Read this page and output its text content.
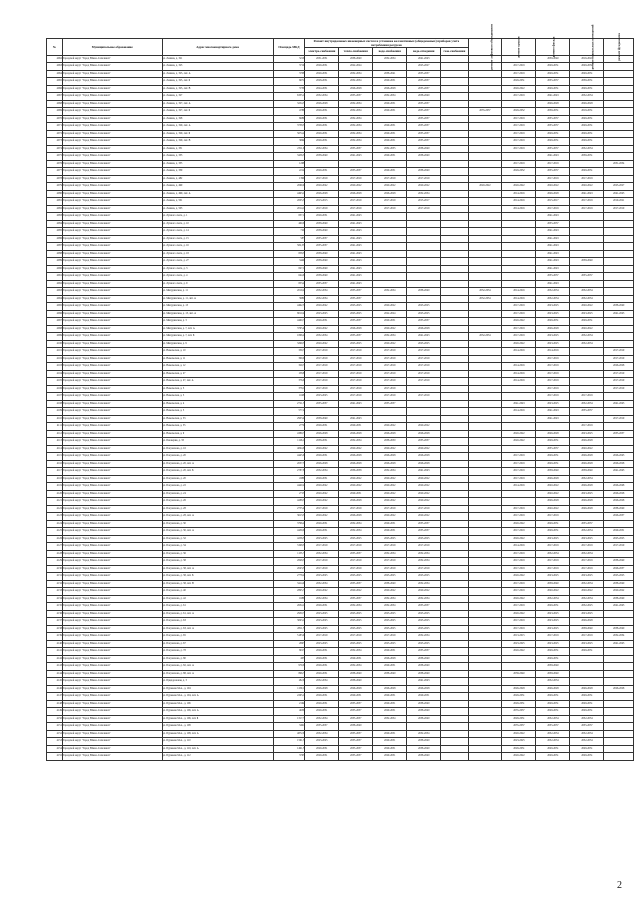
№	Муниципальное образование	Адрес многоквартирного дома	Площадь МКД	Ремонт внутридомовых инженерных систем и установка коллективных (общедомовых) приборов учета потребления ресурсов					ремонт лифтового оборудования	ремонт крыши	ремонт фасада	ремонт подвальных помещений	ремонт фундамента
				электро-снабжения	тепло-снабжения	водо-снабжения	водо-отведения	газо-снабжения					
4062	Городской округ "Город Южно-Сахалинск"	ул. Ленина, д. 321	3216	2031-2031	2038-2040	2032-2034	2041-2043				2039-2040	2016-2021	
4063	Городской округ "Город Южно-Сахалинск"	ул. Ленина, д. 323	3719	2029-2031	2022-2024		2025-2027			2017-2019	2029-2031	2029-2031	
4064	Городской округ "Город Южно-Сахалинск"	ул. Ленина, д. 325, лит. А	3708	2029-2031	2032-2034	2038-2041	2035-2037			2017-2019	2029-2031	2029-2031	
4065	Городской округ "Город Южно-Сахалинск"	ул. Ленина, д. 325, лит. Б	6671	2028-2031	2032-2034	2029-2031	2035-2037			2029-2031	2035-2037	2039-2031	
4066	Городской округ "Город Южно-Сахалинск"	ул. Ленина, д. 325, лит. В	3736	2024-2031	2026-2028	2026-2028	2035-2037			2020-2022	2029-2031	2029-2031	
4067	Городской округ "Город Южно-Сахалинск"	ул. Ленина, д. 327	6335,1	2032-2034	2035-2037	2032-2034	2038-2040			2017-2019	2041-2043	2032-2034	
4068	Городской округ "Город Южно-Сахалинск"	ул. Ленина, д. 327, лит. А	3254,5	2026-2028	2032-2034	2029-2031	2035-2037				2026-2028	2026-2028	
4069	Городской округ "Город Южно-Сахалинск"	ул. Ленина, д. 327, лит. Б	4786	2029-2031	2032-2034	2029-2031	2035-2037		2035-2037	2029-2032	2039-2031	2019-2031	
4070	Городской округ "Город Южно-Сахалинск"	ул. Ленина, д. 328	6689	2029-2031	2032-2034		2035-2037			2017-2019	2035-2037	2029-2031	
4071	Городской округ "Город Южно-Сахалинск"	ул. Ленина, д. 329, лит. А	3738,5	2029-2031	2032-2034	2029-2031	2035-2037			2017-2019	2035-2037	2029-2031	
4072	Городской округ "Город Южно-Сахалинск"	ул. Ленина, д. 329, лит. Б	5674,2	2029-2031	2032-2034	2029-2031	2035-2037			2017-2019	2029-2031	2029-2031	
4073	Городской округ "Город Южно-Сахалинск"	ул. Ленина, д. 329, лит. В	3694	2029-2031	2032-2034	2029-2031	2035-2037			2017-2019	2029-2031	2029-2031	
4074	Городской округ "Город Южно-Сахалинск"	ул. Ленина, д. 331	2311,9	2032-2034	2035-2037	2032-2035	2038-2040			2017-2019	2035-2037	2032-2034	
4075	Городской округ "Город Южно-Сахалинск"	ул. Ленина, д. 333	3456,3	2038-2040	2041-2043	2029-2031	2038-2040				2041-2043	2039-2031	
4076	Городской округ "Город Южно-Сахалинск"	ул. Ленина, д. 335	1268							2017-2019	2017-2019		2031-2034
4077	Городской округ "Город Южно-Сахалинск"	ул. Ленина, д. 339	2212	2029-2031	2035-2037	2029-2031	2038-2040			2029-2032	2035-2037	2029-2031	
4078	Городской округ "Город Южно-Сахалинск"	ул. Ленина, д. 482	1399	2017-2019	2017-2019	2017-2019	2017-2019				2017-2019	2017-2019	
4079	Городской округ "Город Южно-Сахалинск"	ул. Ленина, д. 499	2069,9	2020-2022	2020-2022	2020-2022	2020-2022		2020-2022	2020-2022	2020-2022	2020-2022	2023-2027
4080	Городской округ "Город Южно-Сахалинск"	ул. Ленина, д. 499, лит. А	4493,1	2026-2028	2026-2028	2026-2028	2032-2034			2014-2016	2026-2028	2041-2043	2041-2043
4081	Городской округ "Город Южно-Сахалинск"	ул. Ленина, д. 501	2005,3	2013-2015	2017-2019	2017-2019	2015-2017			2014-2016	2015-2017	2017-2019	2019-2021
4082	Городской округ "Город Южно-Сахалинск"	ул. Ленина, д. 503	2014,1	2017-2019	2017-2019	2017-2019	2017-2019			2014-2016	2017-2019	2017-2019	2017-2019
4083	Городской округ "Город Южно-Сахалинск"	ул. Лунного света, д. 1	837,1	2029-2031	2041-2043						2041-2043		
4084	Городской округ "Город Южно-Сахалинск"	ул. Лунного света, д. 10	460,6	2038-2040	2041-2043						2035-2037		
4085	Городской округ "Город Южно-Сахалинск"	ул. Лунного света, д. 14	720	2038-2040	2041-2043						2041-2043		
4086	Городской округ "Город Южно-Сахалинск"	ул. Лунного света, д. 15	587	2035-2037	2041-2043						2041-2043		
4087	Городской округ "Город Южно-Сахалинск"	ул. Лунного света, д. 16	582,55	2035-2037	2041-2043						2041-2043		
4088	Городской округ "Город Южно-Сахалинск"	ул. Лунного света, д. 18	858,3	2038-2040	2041-2043						2041-2043		
4089	Городской округ "Город Южно-Сахалинск"	ул. Лунного света, д. 27	3449	2038-2040	2041-2043						2041-2043	2038-2040	
4090	Городской округ "Город Южно-Сахалинск"	ул. Лунного света, д. 3	847,1	2038-2040	2041-2043						2041-2043		
4091	Городской округ "Город Южно-Сахалинск"	ул. Лунного света, д. 4	644,6	2038-2040	2041-2043						2035-2037	2035-2037	
4092	Городской округ "Город Южно-Сахалинск"	ул. Лунного света, д. 9	853,2	2035-2037	2041-2043						2041-2043		
4093	Городской округ "Город Южно-Сахалинск"	ул. Мичуринская, д. 11	2019,2	2032-2034	2035-2037	2032-2034	2038-2040		2032-2034	2014-2016	2032-2034	2032-2034	
4094	Городской округ "Город Южно-Сахалинск"	ул. Мичуринская, д. 11, лит. А	3880	2032-2034	2035-2037				2032-2034	2014-2016	2032-2034	2032-2034	
4095	Городской округ "Город Южно-Сахалинск"	ул. Мичуринская, д. 13	4492,3	2020-2022	2023-2025	2020-2022	2023-2025			2017-2019	2023-2025	2020-2022	2038-2040
4096	Городской округ "Город Южно-Сахалинск"	ул. Мичуринская, д. 13, лит. А	8010,4	2023-2025	2023-2025	2022-2024	2023-2025			2017-2019	2023-2025	2023-2025	2041-2043
4097	Городской округ "Город Южно-Сахалинск"	ул. Мичуринская, д. 3	4460,7	2029-2031	2035-2037	2029-2031	2035-2037			2020-2022	2029-2031	2029-2031	
4098	Городской округ "Город Южно-Сахалинск"	ул. Мичуринская, д. 7, лит. А	3765,4	2020-2022	2026-2028	2020-2022	2026-2028			2017-2019	2026-2028	2020-2022	
4099	Городской округ "Город Южно-Сахалинск"	ул. Мичуринская, д. 7, лит. Б	1866,2	2032-2034	2035-2037	2032-2034	2041-2043		2032-2034	2017-2019	2023-2025	2032-2034	
4100	Городской округ "Город Южно-Сахалинск"	ул. Мичуринская, д. 9	3299,5	2020-2022	2023-2025	2020-2022	2023-2025			2020-2022	2023-2025	2032-2034	
4101	Городской округ "Город Южно-Сахалинск"	ул. Невельская, д. 10	339,7	2017-2019	2017-2019	2017-2019	2017-2019			2014-2016	2014-2016		2017-2019
4102	Городской округ "Город Южно-Сахалинск"	ул. Невельская, д. 11	369,9	2017-2019	2017-2019	2017-2019	2017-2019				2017-2019		2017-2019
4103	Городской округ "Город Южно-Сахалинск"	ул. Невельская, д. 12	329,7	2017-2019	2017-2019	2017-2019	2017-2019			2014-2016	2017-2019		2026-2028
4104	Городской округ "Город Южно-Сахалинск"	ул. Невельская, д. 27	158,8	2017-2019	2017-2019	2017-2019	2017-2019			2014-2016	2017-2019		2017-2019
4105	Городской округ "Город Южно-Сахалинск"	ул. Невельская, д. 27, лит. А	376,6	2017-2019	2017-2019	2017-2019	2017-2019			2014-2016	2017-2019		2017-2019
4106	Городской округ "Город Южно-Сахалинск"	ул. Невельская, д. 3	378,1	2017-2019	2017-2019	2017-2019					2017-2019		2017-2019
4107	Городской округ "Город Южно-Сахалинск"	ул. Невельская, д. 5	1048	2023-2025	2017-2019	2017-2019	2017-2019				2017-2019	2017-2019	
4108	Городской округ "Город Южно-Сахалинск"	ул. Невельская, д. 4	2721,3	2035-2037	2041-2043	2035-2037				2041-2043	2023-2025	2032-2034	2041-2043
4109	Городской округ "Город Южно-Сахалинск"	ул. Невельская, д. 5	577,2							2014-2016	2041-2043	2035-2037	
4110	Городской округ "Город Южно-Сахалинск"	ул. Невельская, д. 53	2903,4	2038-2040	2041-2043						2041-2043		2017-2019
4111	Городской округ "Город Южно-Сахалинск"	ул. Невельская, д. 55	2779	2029-2031	2029-2031	2020-2022	2020-2022					2017-2019	
4112	Городской округ "Город Южно-Сахалинск"	ул. Невельская, д. 9	4389,7	2026-2028	2026-2028	2026-2028	2026-2028			2020-2022	2026-2028	2023-2025	2035-2037
4113	Городской округ "Город Южно-Сахалинск"	ул. Пионерия, д. 33	1126,1	2038-2031	2032-2034	2038-2030	2035-2037			2020-2022	2029-2031	2026-2028	
4114	Городской округ "Город Южно-Сахалинск"	ул. Погранзона, д. 16	4094,6	2020-2022	2020-2022	2020-2022	2020-2022				2035-2037	2020-2022	
4115	Городской округ "Город Южно-Сахалинск"	ул. Погранзона, д. 20	4445,6	2029-2031	2026-2028	2026-2028	2026-2028			2017-2019	2029-2031	2026-2028	2026-2043
4116	Городской округ "Город Южно-Сахалинск"	ул. Погранзона, д. 20, лит. А	2037,5	2026-2028	2026-2028	2026-2028	2026-2028			2017-2019	2029-2031	2026-2028	2026-2028
4117	Городской округ "Город Южно-Сахалинск"	ул. Погранзона, д. 20, лит. Б	2787,8	2032-2034	2036-2038	2032-2034	2041-2043			2017-2019	2038-2040	2038-2040	2041-2043
4118	Городской округ "Город Южно-Сахалинск"	ул. Погранзона, д. 20	4386	2029-2031	2020-2022	2020-2022	2020-2022			2017-2019	2026-2028	2032-2034	
4119	Городской округ "Город Южно-Сахалинск"	ул. Погранзона, д. 22	4440,2	2020-2022	2020-2022	2020-2022	2020-2022			2014-2016	2020-2022	2026-2028	2026-2048
4120	Городской округ "Город Южно-Сахалинск"	ул. Погранзона, д. 24	2713	2020-2022	2029-2031	2020-2022	2020-2022				2020-2022	2023-2025	2026-2028
4121	Городской округ "Город Южно-Сахалинск"	ул. Погранзона, д. 26	4288,5	2020-2022	2026-2028	2020-2022	2020-2022				2026-2028	2026-2028	2026-2028
4122	Городской округ "Город Южно-Сахалинск"	ул. Погранзона, д. 28	2755,4	2017-2019	2017-2019	2017-2019	2017-2019			2017-2019	2020-2022	2026-2028	2038-2040
4123	Городской округ "Город Южно-Сахалинск"	ул. Погранзона, д. 28, лит. А	3613,5	2020-2022	2026-2028	2020-2022	2020-2022			2017-2019	2017-2019		2026-2037
4124	Городской округ "Город Южно-Сахалинск"	ул. Погранзона, д. 30	3796,2	2029-2031	2032-2034	2029-2031	2035-2037			2020-2022	2029-2031	2035-2037	
4125	Городской округ "Город Южно-Сахалинск"	ул. Погранзона, д. 30, лит. А	4439,6	2029-2031	2032-2034	2029-2031	2035-2037			2017-2019	2029-2031	2032-2034	2029-2031
4126	Городской округ "Город Южно-Сахалинск"	ул. Погранзона, д. 32	4256,5	2023-2025	2023-2025	2023-2025	2023-2025			2020-2022	2023-2025	2023-2025	2023-2025
4127	Городской округ "Город Южно-Сахалинск"	ул. Погранзона, д. 34	3198,5	2017-2019	2017-2019	2017-2019	2017-2019			2014-2016	2017-2019	2017-2019	2017-2019
4128	Городской округ "Город Южно-Сахалинск"	ул. Погранзона, д. 36	1153,7	2032-2034	2035-2037	2032-2034	2032-2034			2017-2019	2032-2034	2032-2034	
4129	Городской округ "Город Южно-Сахалинск"	ул. Погранзона, д. 38	2848,5	2017-2019	2017-2019	2017-2019	2032-2034			2017-2019	2017-2019	2017-2019	2038-2040
4130	Городской округ "Город Южно-Сахалинск"	ул. Погранзона, д. 38, лит. А	2043,3	2017-2019	2017-2019	2017-2019	2017-2019			2017-2019	2017-2019	2017-2019	2026-2037
4131	Городской округ "Город Южно-Сахалинск"	ул. Погранзона, д. 38, лит. Б	2778,2	2023-2025	2023-2025	2023-2025	2023-2025			2020-2022	2023-2025	2023-2025	2023-2025
4132	Городской округ "Город Южно-Сахалинск"	ул. Погранзона, д. 38, лит. В	3414,9	2032-2034	2035-2037	2038-2040	2032-2034			2017-2019	2038-2040	2032-2034	2038-2040
4133	Городской округ "Город Южно-Сахалинск"	ул. Погранзона, д. 40	2895,7	2020-2022	2020-2022	2020-2022	2020-2022			2017-2019	2020-2022	2020-2022	2020-2022
4134	Городской округ "Город Южно-Сахалинск"	ул. Погранзона, д. 42	1686	2032-2034	2035-2037	2032-2034	2032-2034			2020-2022	2032-2034	2032-2034	2038-2040
4135	Городской округ "Город Южно-Сахалинск"	ул. Погранзона, д. 61	2634,1	2029-2031	2032-2034	2032-2034	2035-2037			2017-2019	2029-2031	2032-2025	2041-2043
4136	Городской округ "Город Южно-Сахалинск"	ул. Погранзона, д. 61, лит. А	2930,7	2023-2025	2023-2025	2023-2025	2023-2025			2020-2022	2023-2025	2023-2025	
4137	Городской округ "Город Южно-Сахалинск"	ул. Погранзона, д. 63	3093,1	2023-2025	2023-2025	2023-2025	2023-2025			2017-2019	2023-2025	2026-2028	
4138	Городской округ "Город Южно-Сахалинск"	ул. Погранзона, д. 63, лит. А	2811,5	2023-2025	2023-2025	2023-2025	2023-2025			2017-2019	2023-2025	2038-2040	2038-2040
4139	Городской округ "Город Южно-Сахалинск"	ул. Погранзона, д. 65	5183,9	2017-2019	2017-2019	2017-2019	2032-2034			2013-2015	2017-2019	2017-2019	2032-2034
4140	Городской округ "Город Южно-Сахалинск"	ул. Погранзона, д. 67	2697	2023-2025	2023-2025	2023-2025	2023-2025			2023-2025	2023-2025	2023-2025	2041-2043
4141	Городской округ "Город Южно-Сахалинск"	ул. Погранзона, д. 78	8017	2029-2031	2032-2034	2029-2031	2035-2037			2020-2022	2029-2031	2029-2031	
4142	Городской округ "Город Южно-Сахалинск"	ул. Погранзона, д. 80	405	2029-2031	2029-2031	2026-2028	2038-2040				2029-2031		
4143	Городской округ "Город Южно-Сахалинск"	ул. Погранзона, д. 82, лит. А	979,6	2029-2031	2032-2034	2029-2031	2038-2040				2038-2040		
4144	Городской округ "Город Южно-Сахалинск"	ул. Погранзона, д. 88, лит. А	896,7	2029-2031	2038-2040	2038-2040	2038-2040			2038-2040	2038-2040		
4145	Городской округ "Город Южно-Сахалинск"	ул. Придорожная, д. 3	182,6	2032-2034	2038-2040		2041-2043				2032-2034		
4146	Городской округ "Город Южно-Сахалинск"	ул. Пуркаева М.А., д. 104	1159,1	2026-2028	2026-2028	2026-2028	2026-2028			2026-2028	2026-2028	2026-2028	2026-2028
4147	Городской округ "Город Южно-Сахалинск"	ул. Пуркаева М.А., д. 104, лит. А	2265,1	2029-2031	2029-2031	2029-2031	2029-2031			2029-2031	2029-2031	2029-2031	
4148	Городской округ "Город Южно-Сахалинск"	ул. Пуркаева М.А., д. 106	2164	2029-2031	2035-2037	2029-2031	2038-2040			2029-2031	2029-2031	2029-2031	
4149	Городской округ "Город Южно-Сахалинск"	ул. Пуркаева М.А., д. 106, лит. А	4636	2029-2031	2035-2037	2029-2031	2038-2040			2035-2037	2029-2031	2029-2031	
4150	Городской округ "Город Южно-Сахалинск"	ул. Пуркаева М.А., д. 106, лит. Б	1317,7	2032-2034	2035-2037	2032-2034	2038-2040			2029-2031	2032-2034	2032-2034	
4151	Городской округ "Город Южно-Сахалинск"	ул. Пуркаева М.А., д. 108	3491	2035-2037	2038-2040					2035-2037	2035-2037	2035-2037	
4152	Городской округ "Город Южно-Сахалинск"	ул. Пуркаева М.А., д. 108, лит. А	4872,6	2032-2034	2035-2037	2029-2031	2032-2034			2020-2022	2032-2034	2032-2034	
4153	Городской округ "Город Южно-Сахалинск"	ул. Пуркаева М.А., д. 110	1561,5	2023-2025	2035-2037	2029-2031	2038-2040			2023-2025	2032-2034	2032-2034	
4154	Городской округ "Город Южно-Сахалинск"	ул. Пуркаева М.А., д. 110, лит. А	1491,3	2029-2031	2035-2037	2029-2031	2038-2040			2029-2031	2029-2031	2029-2031	
4155	Городской округ "Город Южно-Сахалинск"	ул. Пуркаева М.А., д. 112	3765	2029-2031	2035-2037	2029-2031	2038-2040			2020-2022	2029-2031	2029-2031	
2
